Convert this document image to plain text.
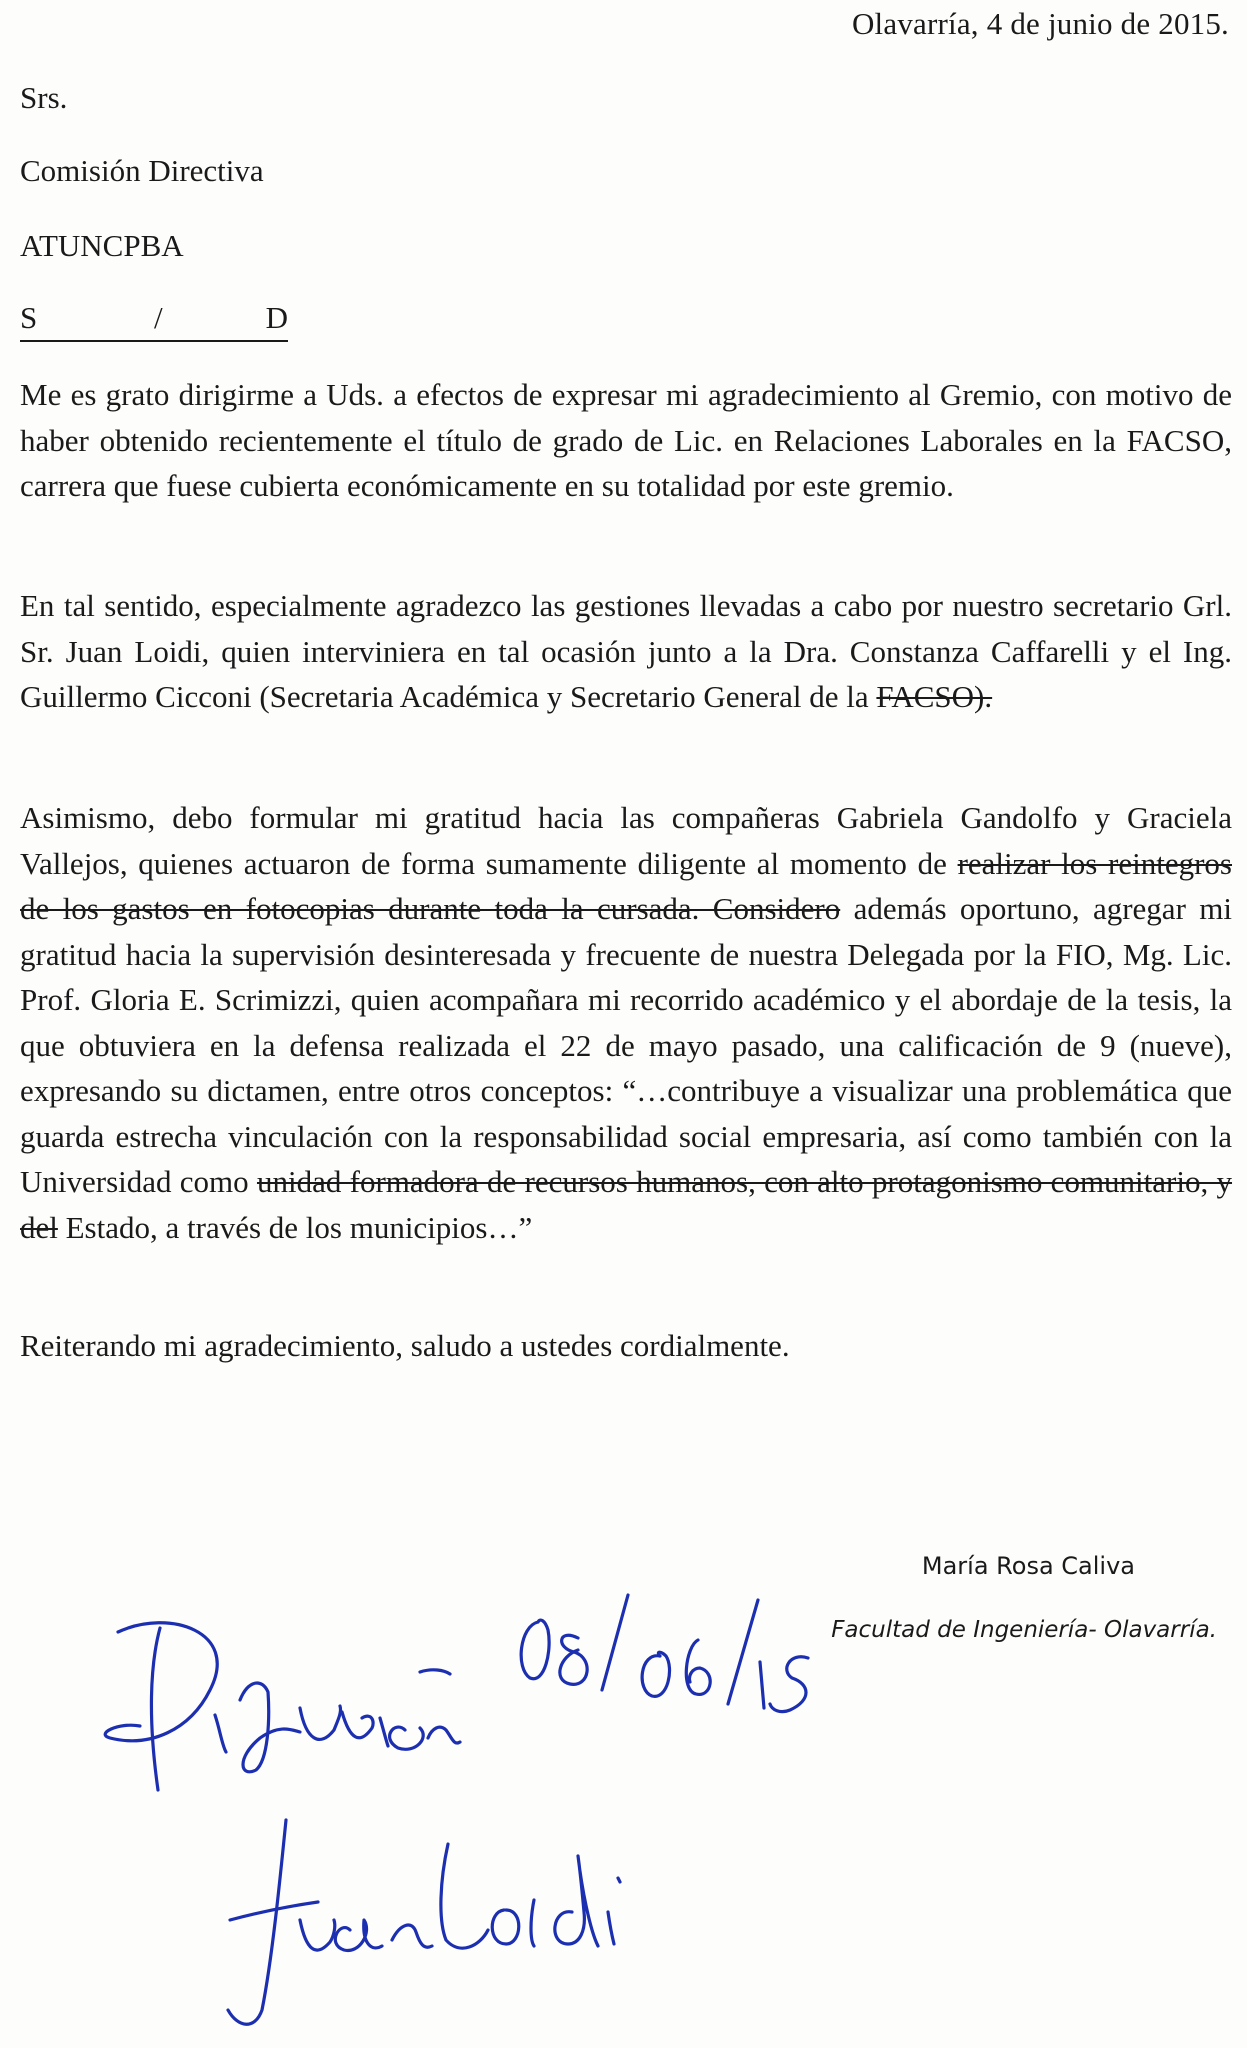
Olavarría, 4 de junio de 2015.
Srs.
Comisión Directiva
ATUNCPBA
S	/	D

Me es grato dirigirme a Uds. a efectos de expresar mi agradecimiento al Gremio, con motivo de haber obtenido recientemente el título de grado de Lic. en Relaciones Laborales en la FACSO, carrera que fuese cubierta económicamente en su totalidad por este gremio.

En tal sentido, especialmente agradezco las gestiones llevadas a cabo por nuestro secretario Grl. Sr. Juan Loidi, quien interviniera en tal ocasión junto a la Dra. Constanza Caffarelli y el Ing. Guillermo Cicconi (Secretaria Académica y Secretario General de la FACSO).

Asimismo, debo formular mi gratitud hacia las compañeras Gabriela Gandolfo y Graciela Vallejos, quienes actuaron de forma sumamente diligente al momento de realizar los reintegros de los gastos en fotocopias durante toda la cursada. Considero además oportuno, agregar mi gratitud hacia la supervisión desinteresada y frecuente de nuestra Delegada por la FIO, Mg. Lic. Prof. Gloria E. Scrimizzi, quien acompañara mi recorrido académico y el abordaje de la tesis, la que obtuviera en la defensa realizada el 22 de mayo pasado, una calificación de 9 (nueve), expresando su dictamen, entre otros conceptos: “…contribuye a visualizar una problemática que guarda estrecha vinculación con la responsabilidad social empresaria, así como también con la Universidad como unidad formadora de recursos humanos, con alto protagonismo comunitario, y del Estado, a través de los municipios…”

Reiterando mi agradecimiento, saludo a ustedes cordialmente.

María Rosa Caliva
Facultad de Ingeniería- Olavarría.
